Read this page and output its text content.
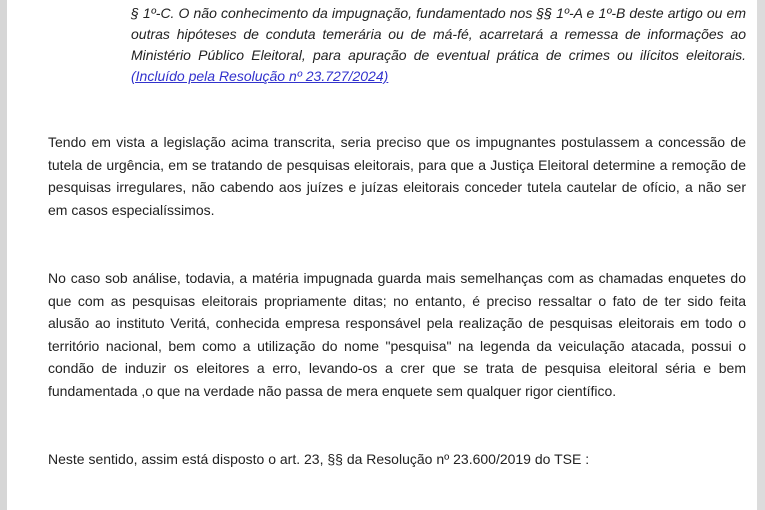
§ 1º-C. O não conhecimento da impugnação, fundamentado nos §§ 1º-A e 1º-B deste artigo ou em outras hipóteses de conduta temerária ou de má-fé, acarretará a remessa de informações ao Ministério Público Eleitoral, para apuração de eventual prática de crimes ou ilícitos eleitorais. (Incluído pela Resolução nº 23.727/2024)

Tendo em vista a legislação acima transcrita, seria preciso que os impugnantes postulassem a concessão de tutela de urgência, em se tratando de pesquisas eleitorais, para que a Justiça Eleitoral determine a remoção de pesquisas irregulares, não cabendo aos juízes e juízas eleitorais conceder tutela cautelar de ofício, a não ser em casos especialíssimos.

No caso sob análise, todavia, a matéria impugnada guarda mais semelhanças com as chamadas enquetes do que com as pesquisas eleitorais propriamente ditas; no entanto, é preciso ressaltar o fato de ter sido feita alusão ao instituto Veritá, conhecida empresa responsável pela realização de pesquisas eleitorais em todo o território nacional, bem como a utilização do nome "pesquisa" na legenda da veiculação atacada, possui o condão de induzir os eleitores a erro, levando-os a crer que se trata de pesquisa eleitoral séria e bem fundamentada ,o que na verdade não passa de mera enquete sem qualquer rigor científico.

Neste sentido, assim está disposto o art. 23, §§ da Resolução nº 23.600/2019 do TSE :
